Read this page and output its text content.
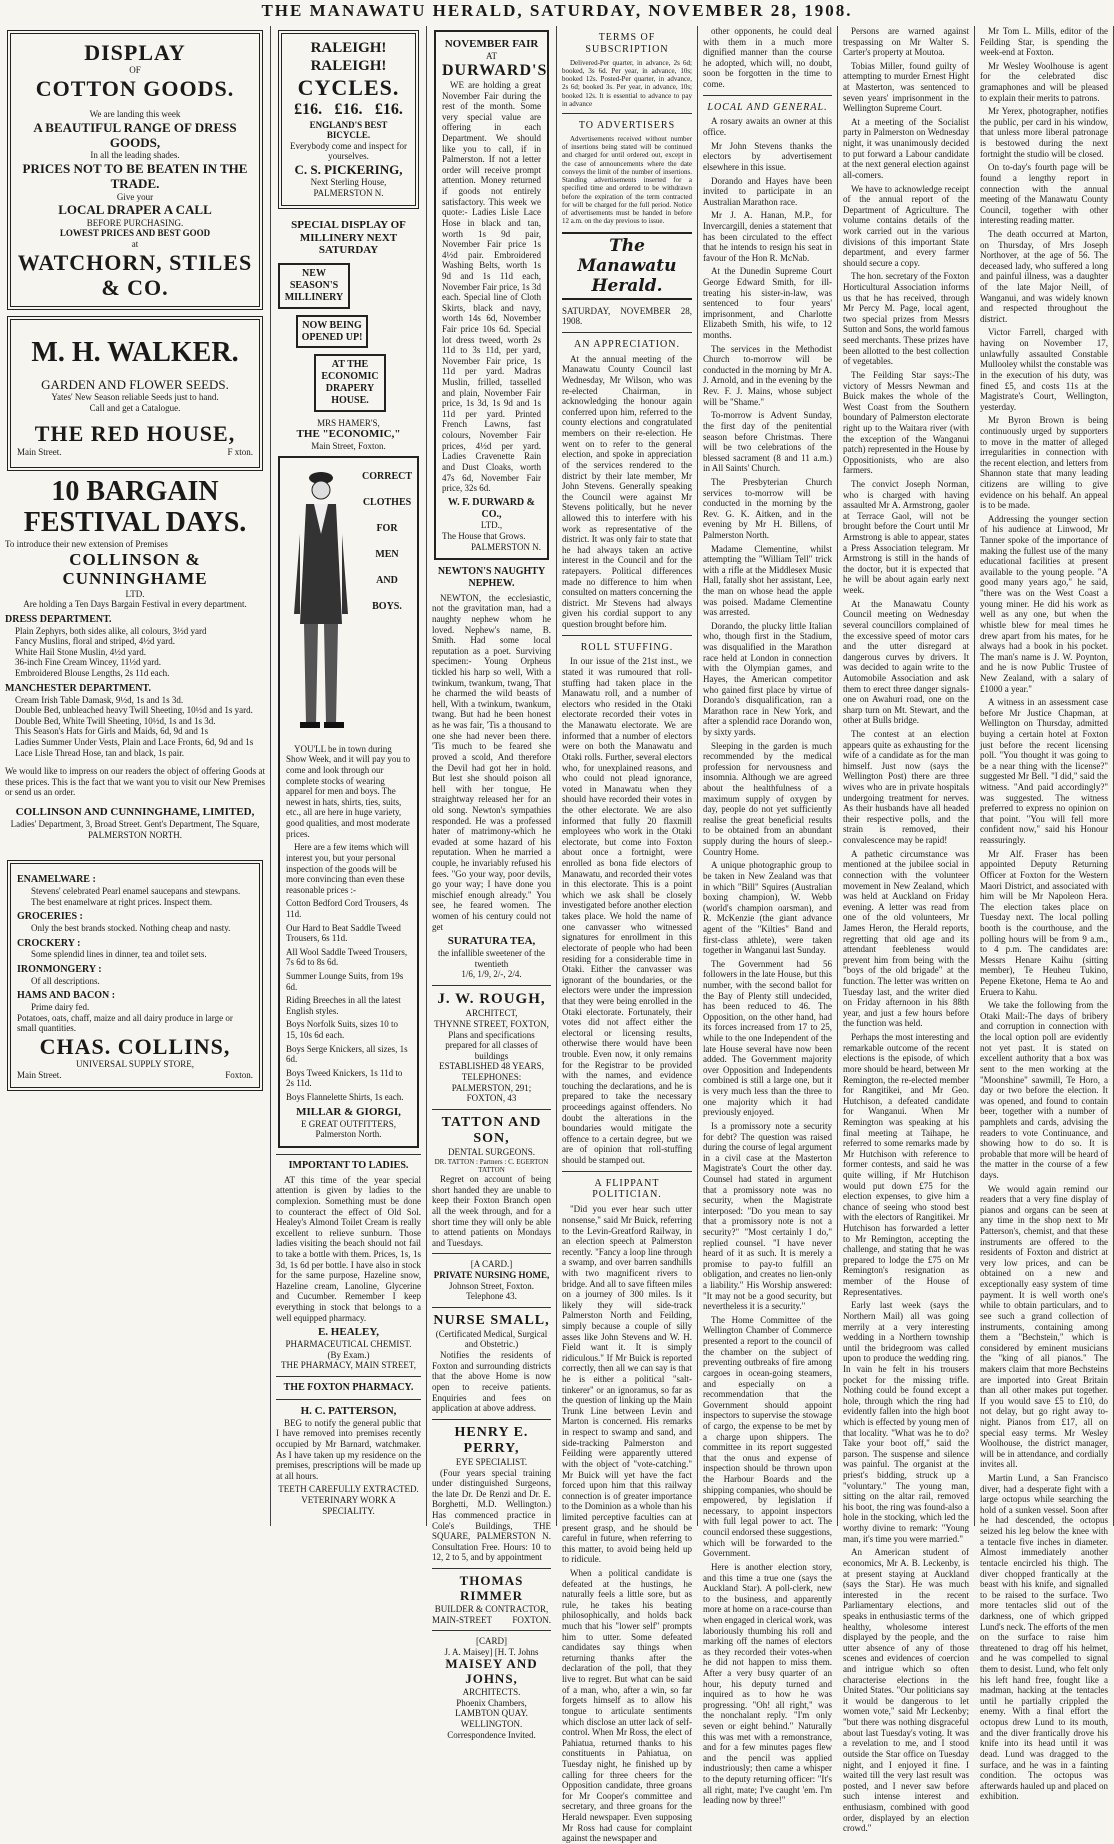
THE MANAWATU HERALD, SATURDAY, NOVEMBER 28, 1908.
DISPLAY
OF
COTTON GOODS.
We are landing this week
A BEAUTIFUL RANGE OF DRESS GOODS,
In all the leading shades.
PRICES NOT TO BE BEATEN IN THE TRADE.
Give your
LOCAL DRAPER A CALL
BEFORE PURCHASING.
LOWEST PRICES AND BEST GOOD
at
WATCHORN, STILES & CO.
M. H. WALKER.
GARDEN AND FLOWER SEEDS.
Yates' New Season reliable Seeds just to hand.
Call and get a Catalogue.
THE RED HOUSE,
Main Street.	F xton.
10 BARGAIN FESTIVAL DAYS.
To introduce their new extension of Premises
COLLINSON & CUNNINGHAME
LTD.
Are holding a Ten Days Bargain Festival in every department.
DRESS DEPARTMENT.
Plain Zephyrs, both sides alike, all colours, 3½d yard
Fancy Muslins, floral and striped, 4½d yard.
White Hail Stone Muslin, 4½d yard.
36-inch Fine Cream Wincey, 11½d yard.
Embroidered Blouse Lengths, 2s 11d each.
MANCHESTER DEPARTMENT.
Cream Irish Table Damask, 9½d, 1s and 1s 3d.
Double Bed, unbleached heavy Twill Sheeting, 10½d and 1s yard.
Double Bed, White Twill Sheeting, 10½d, 1s and 1s 3d.
This Season's Hats for Girls and Maids, 6d, 9d and 1s
Ladies Summer Under Vests, Plain and Lace Fronts, 6d, 9d and 1s
Lace Lisle Thread Hose, tan and black, 1s pair.
We would like to impress on our readers the object of offering Goods at these prices. This is the fact that we want you to visit our New Premises or send us an order.
COLLINSON AND CUNNINGHAME, LIMITED,
Ladies' Department, 3, Broad Street. Gent's Department, The Square,
PALMERSTON NORTH.
ENAMELWARE :
Stevens' celebrated Pearl enamel saucepans and stewpans. The best enamelware at right prices. Inspect them.
GROCERIES :
Only the best brands stocked. Nothing cheap and nasty.
CROCKERY :
Some splendid lines in dinner, tea and toilet sets.
IRONMONGERY :
Of all descriptions.
HAMS AND BACON :
Prime dairy fed.
Potatoes, oats, chaff, maize and all dairy produce in large or small quantities.
CHAS. COLLINS,
UNIVERSAL SUPPLY STORE,
Main Street.	Foxton.
RALEIGH! RALEIGH!
CYCLES.
£16. £16. £16.
ENGLAND'S BEST BICYCLE.
Everybody come and inspect for yourselves.
C. S. PICKERING,
Next Sterling House,
PALMERSTON N.
SPECIAL DISPLAY OF MILLINERY NEXT SATURDAY
NEW SEASON'S MILLINERY
NOW BEING OPENED UP!
AT THE ECONOMIC DRAPERY HOUSE.
MRS HAMER'S,
THE "ECONOMIC,"
Main Street, Foxton.
CORRECT
CLOTHES
FOR
MEN
AND
BOYS.

YOU'LL be in town during Show Week, and it will pay you to come and look through our complete stocks of wearing apparel for men and boys. The newest in hats, shirts, ties, suits, etc., all are here in huge variety, good qualities, and most moderate prices.

Here are a few items which will interest you, but your personal inspection of the goods will be more convincing than even these reasonable prices :-

Cotton Bedford Cord Trousers, 4s 11d.

Our Hard to Beat Saddle Tweed Trousers, 6s 11d.

All Wool Saddle Tweed Trousers, 7s 6d to 8s 6d.

Summer Lounge Suits, from 19s 6d.

Riding Breeches in all the latest English styles.

Boys Norfolk Suits, sizes 10 to 15, 10s 6d each.

Boys Serge Knickers, all sizes, 1s 6d.

Boys Tweed Knickers, 1s 11d to 2s 11d.

Boys Flannelette Shirts, 1s each.

MILLAR & GIORGI,
E GREAT OUTFITTERS,
Palmerston North.
IMPORTANT TO LADIES.

AT this time of the year special attention is given by ladies to the complexion. Something must be done to counteract the effect of Old Sol. Healey's Almond Toilet Cream is really excellent to relieve sunburn. Those ladies visiting the beach should not fail to take a bottle with them. Prices, 1s, 1s 3d, 1s 6d per bottle. I have also in stock for the same purpose, Hazeline snow, Hazeline cream, Lanoline, Glycerine and Cucumber. Remember I keep everything in stock that belongs to a well equipped pharmacy.

E. HEALEY,
PHARMACEUTICAL CHEMIST.
(By Exam.)
THE PHARMACY, MAIN STREET,
THE FOXTON PHARMACY.
H. C. PATTERSON,

BEG to notify the general public that I have removed into premises recently occupied by Mr Barnard, watchmaker. As I have taken up my residence on the premises, prescriptions will be made up at all hours.

TEETH CAREFULLY EXTRACTED.
VETERINARY WORK A SPECIALITY.
NOVEMBER FAIR
AT
DURWARD'S

WE are holding a great November Fair during the rest of the month. Some very special value are offering in each Department. We should like you to call, if in Palmerston. If not a letter order will receive prompt attention. Money returned if goods not entirely satisfactory. This week we quote:- Ladies Lisle Lace Hose in black and tan, worth 1s 9d pair, November Fair price 1s 4½d pair. Embroidered Washing Belts, worth 1s 9d and 1s 11d each, November Fair price, 1s 3d each. Special line of Cloth Skirts, black and navy, worth 14s 6d, November Fair price 10s 6d. Special lot dress tweed, worth 2s 11d to 3s 11d, per yard, November Fair price, 1s 11d per yard. Madras Muslin, frilled, tasselled and plain, November Fair price, 1s 3d, 1s 9d and 1s 11d per yard. Printed French Lawns, fast colours, November Fair prices, 4½d per yard. Ladies Cravenette Rain and Dust Cloaks, worth 47s 6d, November Fair price, 32s 6d.

W. F. DURWARD & CO.,
LTD.,
The House that Grows.
PALMERSTON N.
NEWTON'S NAUGHTY NEPHEW.

NEWTON, the ecclesiastic, not the gravitation man, had a naughty nephew whom he loved. Nephew's name, B. Smith. Had some local reputation as a poet. Surviving specimen:- Young Orpheus tickled his harp so well, With a twinkum, twankum, twang, That he charmed the wild beasts of hell, With a twinkum, twankum, twang. But had he been honest as he was fair, 'Tis a thousand to one she had never been there. 'Tis much to be feared she proved a scold, And therefore the Devil had got her in hold. But lest she should poison all hell with her tongue, He straightway released her for an old song. Newton's sympathies responded. He was a professed hater of matrimony-which he evaded at some hazard of his reputation. When he married a couple, he invariably refused his fees. "Go your way, poor devils, go your way; I have done you mischief enough already." You see, he feared women. The women of his century could not get

SURATURA TEA,
the infallible sweetener of the twentieth
1/6, 1/9, 2/-, 2/4.
J. W. ROUGH,
ARCHITECT,
THYNNE STREET, FOXTON,
Plans and specifications prepared for all classes of buildings
ESTABLISHED 48 YEARS,
TELEPHONES:
PALMERSTON, 291; FOXTON, 43
TATTON AND SON,
DENTAL SURGEONS.
DR. TATTON : Partners : C. EGERTON TATTON

Regret on account of being short handed they are unable to keep their Foxton Branch open all the week through, and for a short time they will only be able to attend patients on Mondays and Tuesdays.

[A CARD.]
PRIVATE NURSING HOME,
Johnson Street, Foxton.
Telephone 43.
NURSE SMALL,
(Certificated Medical, Surgical and Obstetric.)

Notifies the residents of Foxton and surrounding districts that the above Home is now open to receive patients. Enquiries and fees on application at above address.

HENRY E. PERRY,
EYE SPECIALIST.

(Four years special training under distinguished Surgeons, the late Dr. De Renzi and Dr. E. Borghetti, M.D. Wellington.) Has commenced practice in Cole's Buildings, THE SQUARE, PALMERSTON N. Consultation Free. Hours: 10 to 12, 2 to 5, and by appointment

THOMAS RIMMER
BUILDER & CONTRACTOR,
MAIN-STREET FOXTON.
[CARD]
J. A. Maisey] [H. T. Johns
MAISEY AND JOHNS,
ARCHITECTS.
Phoenix Chambers,
LAMBTON QUAY. WELLINGTON.
Correspondence Invited.
TERMS OF SUBSCRIPTION

Delivered-Per quarter, in advance, 2s 6d; booked, 3s 6d. Per year, in advance, 10s; booked 12s. Posted-Per quarter, in advance, 2s 6d; booked 3s. Per year, in advance, 10s; booked 12s. It is essential to advance to pay in advance

TO ADVERTISERS

Advertisements received without number of insertions being stated will be continued and charged for until ordered out, except in the case of announcements where the date conveys the limit of the number of insertions. Standing advertisements inserted for a specified time and ordered to be withdrawn before the expiration of the term contracted for will be charged for the full period. Notice of advertisements must be handed in before 12 a.m. on the day previous to issue.

The Manawatu Herald.
SATURDAY, NOVEMBER 28, 1908.
AN APPRECIATION.

At the annual meeting of the Manawatu County Council last Wednesday, Mr Wilson, who was re-elected Chairman, in acknowledging the honour again conferred upon him, referred to the county elections and congratulated members on their re-election. He went on to refer to the general election, and spoke in appreciation of the services rendered to the district by their late member, Mr John Stevens. Generally speaking the Council were against Mr Stevens politically, but he never allowed this to interfere with his work as representative of the district. It was only fair to state that he had always taken an active interest in the Council and for the ratepayers. Political differences made no difference to him when consulted on matters concerning the district. Mr Stevens had always given his cordial support to any question brought before him.

ROLL STUFFING.

In our issue of the 21st inst., we stated it was rumoured that roll-stuffing had taken place in the Manawatu roll, and a number of electors who resided in the Otaki electorate recorded their votes in the Manawatu electorate. We are informed that a number of electors were on both the Manawatu and Otaki rolls. Further, several electors who, for unexplained reasons, and who could not plead ignorance, voted in Manawatu when they should have recorded their votes in the other electorate. We are also informed that fully 20 flaxmill employees who work in the Otaki electorate, but come into Foxton about once a fortnight, were enrolled as bona fide electors of Manawatu, and recorded their votes in this electorate. This is a point which we ask shall be closely investigated before another election takes place. We hold the name of one canvasser who witnessed signatures for enrollment in this electorate of people who had been residing for a considerable time in Otaki. Either the canvasser was ignorant of the boundaries, or the electors were under the impression that they were being enrolled in the Otaki electorate. Fortunately, their votes did not affect either the electoral or licensing results, otherwise there would have been trouble. Even now, it only remains for the Registrar to be provided with the names, and evidence touching the declarations, and he is prepared to take the necessary proceedings against offenders. No doubt the alterations in the boundaries would mitigate the offence to a certain degree, but we are of opinion that roll-stuffing should be stamped out.

A FLIPPANT POLITICIAN.

"Did you ever hear such utter nonsense," said Mr Buick, referring to the Levin-Greatford Railway, in an election speech at Palmerston recently. "Fancy a loop line through a swamp, and over barren sandhills with two magnificent rivers to bridge. And all to save fifteen miles on a journey of 300 miles. Is it likely they will side-track Palmerston North and Feilding, simply because a couple of silly asses like John Stevens and W. H. Field want it. It is simply ridiculous." If Mr Buick is reported correctly, then all we can say is that he is either a political "salt-tinkerer" or an ignoramus, so far as the question of linking up the Main Trunk Line between Levin and Marton is concerned. His remarks in respect to swamp and sand, and side-tracking Palmerston and Feilding were apparently uttered with the object of "vote-catching." Mr Buick will yet have the fact forced upon him that this railway connection is of greater importance to the Dominion as a whole than his limited perceptive faculties can at present grasp, and he should be careful in future, when referring to this matter, to avoid being held up to ridicule.

When a political candidate is defeated at the hustings, he naturally feels a little sore, but as rule, he takes his beating philosophically, and holds back much that his "lower self" prompts him to utter. Some defeated candidates say things when returning thanks after the declaration of the poll, that they live to regret. But what can be said of a man, who, after a win, so far forgets himself as to allow his tongue to articulate sentiments which disclose an utter lack of self-control. When Mr Ross, the elect of Pahiatua, returned thanks to his constituents in Pahiatua, on Tuesday night, he finished up by calling for three cheers for the Opposition candidate, three groans for Mr Cooper's committee and secretary, and three groans for the Herald newspaper. Even supposing Mr Ross had cause for complaint against the newspaper and

other opponents, he could deal with them in a much more dignified manner than the course he adopted, which will, no doubt, soon be forgotten in the time to come.

LOCAL AND GENERAL.

A rosary awaits an owner at this office.

Mr John Stevens thanks the electors by advertisement elsewhere in this issue.

Dorando and Hayes have been invited to participate in an Australian Marathon race.

Mr J. A. Hanan, M.P., for Invercargill, denies a statement that has been circulated to the effect that he intends to resign his seat in favour of the Hon R. McNab.

At the Dunedin Supreme Court George Edward Smith, for ill-treating his sister-in-law, was sentenced to four years' imprisonment, and Charlotte Elizabeth Smith, his wife, to 12 months.

The services in the Methodist Church to-morrow will be conducted in the morning by Mr A. J. Arnold, and in the evening by the Rev. F. J. Mains, whose subject will be "Shame."

To-morrow is Advent Sunday, the first day of the penitential season before Christmas. There will be two celebrations of the blessed sacrament (8 and 11 a.m.) in All Saints' Church.

The Presbyterian Church services to-morrow will be conducted in the morning by the Rev. G. K. Aitken, and in the evening by Mr H. Billens, of Palmerston North.

Madame Clementine, whilst attempting the "William Tell" trick with a rifle at the Middlesex Music Hall, fatally shot her assistant, Lee, the man on whose head the apple was poised. Madame Clementine was arrested.

Dorando, the plucky little Italian who, though first in the Stadium, was disqualified in the Marathon race held at London in connection with the Olympian games, and Hayes, the American competitor who gained first place by virtue of Dorando's disqualification, ran a Marathon race in New York, and after a splendid race Dorando won, by sixty yards.

Sleeping in the garden is much recommended by the medical profession for nervousness and insomnia. Although we are agreed about the healthfulness of a maximum supply of oxygen by day, people do not yet sufficiently realise the great beneficial results to be obtained from an abundant supply during the hours of sleep.-Country Home.

A unique photographic group to be taken in New Zealand was that in which "Bill" Squires (Australian boxing champion), W. Webb (world's champion oarsman), and R. McKenzie (the giant advance agent of the "Kilties" Band and first-class athlete), were taken together in Wanganui last Sunday.

The Government had 56 followers in the late House, but this number, with the second ballot for the Bay of Plenty still undecided, has been reduced to 46. The Opposition, on the other hand, had its forces increased from 17 to 25, while to the one Independent of the late House several have now been added. The Government majority over Opposition and Independents combined is still a large one, but it is very much less than the three to one majority which it had previously enjoyed.

Is a promissory note a security for debt? The question was raised during the course of legal argument in a civil case at the Masterton Magistrate's Court the other day. Counsel had stated in argument that a promissory note was no security, when the Magistrate interposed: "Do you mean to say that a promissory note is not a security?" "Most certainly I do," replied counsel. "I have never heard of it as such. It is merely a promise to pay-to fulfill an obligation, and creates no lien-only a liability." His Worship answered: "It may not be a good security, but nevertheless it is a security."

The Home Committee of the Wellington Chamber of Commerce presented a report to the council of the chamber on the subject of preventing outbreaks of fire among cargoes in ocean-going steamers, and especially on a recommendation that the Government should appoint inspectors to supervise the stowage of cargo, the expense to be met by a charge upon shippers. The committee in its report suggested that the onus and expense of inspection should be thrown upon the Harbour Boards and the shipping companies, who should be empowered, by legislation if necessary, to appoint inspectors with full legal power to act. The council endorsed these suggestions, which will be forwarded to the Government.

Here is another election story, and this time a true one (says the Auckland Star). A poll-clerk, new to the business, and apparently more at home on a race-course than when engaged in clerical work, was laboriously thumbing his roll and marking off the names of electors as they recorded their votes-when he did not happen to miss them. After a very busy quarter of an hour, his deputy turned and inquired as to how he was progressing. "Oh! all right," was the nonchalant reply. "I'm only seven or eight behind." Naturally this was met with a remonstrance, and for a few minutes pages flew and the pencil was applied industriously; then came a whisper to the deputy returning officer: "It's all right, mate; I've caught 'em. I'm leading now by three!"

Persons are warned against trespassing on Mr Walter S. Carter's property at Moutoa.

Tobias Miller, found guilty of attempting to murder Ernest Hight at Masterton, was sentenced to seven years' imprisonment in the Wellington Supreme Court.

At a meeting of the Socialist party in Palmerston on Wednesday night, it was unanimously decided to put forward a Labour candidate at the next general election against all-comers.

We have to acknowledge receipt of the annual report of the Department of Agriculture. The volume contains details of the work carried out in the various divisions of this important State department, and every farmer should secure a copy.

The hon. secretary of the Foxton Horticultural Association informs us that he has received, through Mr Percy M. Page, local agent, two special prizes from Messrs Sutton and Sons, the world famous seed merchants. These prizes have been allotted to the best collection of vegetables.

The Feilding Star says:-The victory of Messrs Newman and Buick makes the whole of the West Coast from the Southern boundary of Palmerston electorate right up to the Waitara river (with the exception of the Wanganui patch) represented in the House by Oppositionists, who are also farmers.

The convict Joseph Norman, who is charged with having assaulted Mr A. Armstrong, gaoler at Terrace Gaol, will not be brought before the Court until Mr Armstrong is able to appear, states a Press Association telegram. Mr Armstrong is still in the hands of the doctor, but it is expected that he will be about again early next week.

At the Manawatu County Council meeting on Wednesday several councillors complained of the excessive speed of motor cars and the utter disregard at dangerous curves by drivers. It was decided to again write to the Automobile Association and ask them to erect three danger signals-one on Awahuri road, one on the sharp turn on Mt. Stewart, and the other at Bulls bridge.

The contest at an election appears quite as exhausting for the wife of a candidate as for the man himself. Just now (says the Wellington Post) there are three wives who are in private hospitals undergoing treatment for nerves. As their husbands have all headed their respective polls, and the strain is removed, their convalescence may be rapid!

A pathetic circumstance was mentioned at the jubilee social in connection with the volunteer movement in New Zealand, which was held at Auckland on Friday evening. A letter was read from one of the old volunteers, Mr James Heron, the Herald reports, regretting that old age and its attendant feebleness would prevent him from being with the "boys of the old brigade" at the function. The letter was written on Tuesday last, and the writer died on Friday afternoon in his 88th year, and just a few hours before the function was held.

Perhaps the most interesting and remarkable outcome of the recent elections is the episode, of which more should be heard, between Mr Remington, the re-elected member for Rangitikei, and Mr Geo. Hutchison, a defeated candidate for Wanganui. When Mr Remington was speaking at his final meeting at Taihape, he referred to some remarks made by Mr Hutchison with reference to former contests, and said he was quite willing, if Mr Hutchison would put down £75 for the election expenses, to give him a chance of seeing who stood best with the electors of Rangitikei. Mr Hutchison has forwarded a letter to Mr Remington, accepting the challenge, and stating that he was prepared to lodge the £75 on Mr Remington's resignation as member of the House of Representatives.

Early last week (says the Northern Mail) all was going merrily at a very interesting wedding in a Northern township until the bridegroom was called upon to produce the wedding ring. In vain he felt in his trousers pocket for the missing trifle. Nothing could be found except a hole, through which the ring had evidently fallen into the high boot which is effected by young men of that locality. "What was he to do? Take your boot off," said the parson. The suspense and silence was painful. The organist at the priest's bidding, struck up a "voluntary." The young man, sitting on the altar rail, removed his boot, the ring was found-also a hole in the stocking, which led the worthy divine to remark: "Young man, it's time you were married."

An American student of economics, Mr A. B. Leckenby, is at present staying at Auckland (says the Star). He was much interested in the recent Parliamentary elections, and speaks in enthusiastic terms of the healthy, wholesome interest displayed by the people, and the utter absence of any of those scenes and evidences of coercion and intrigue which so often characterise elections in the United States. "Our politicians say it would be dangerous to let women vote," said Mr Leckenby; "but there was nothing disgraceful about last Tuesday's voting. It was a revelation to me, and I stood outside the Star office on Tuesday night, and I enjoyed it fine. I waited till the very last result was posted, and I never saw before such intense interest and enthusiasm, combined with good order, displayed by an election crowd."

Mr Tom L. Mills, editor of the Feilding Star, is spending the week-end at Foxton.

Mr Wesley Woolhouse is agent for the celebrated disc gramaphones and will be pleased to explain their merits to patrons.

Mr Yerex, photographer, notifies the public, per card in his window, that unless more liberal patronage is bestowed during the next fortnight the studio will be closed.

On to-day's fourth page will be found a lengthy report in connection with the annual meeting of the Manawatu County Council, together with other interesting reading matter.

The death occurred at Marton, on Thursday, of Mrs Joseph Northover, at the age of 56. The deceased lady, who suffered a long and painful illness, was a daughter of the late Major Neill, of Wanganui, and was widely known and respected throughout the district.

Victor Farrell, charged with having on November 17, unlawfully assaulted Constable Mullooley whilst the constable was in the execution of his duty, was fined £5, and costs 11s at the Magistrate's Court, Wellington, yesterday.

Mr Byron Brown is being continuously urged by supporters to move in the matter of alleged irregularities in connection with the recent election, and letters from Shannon state that many leading citizens are willing to give evidence on his behalf. An appeal is to be made.

Addressing the younger section of his audience at Linwood, Mr Tanner spoke of the importance of making the fullest use of the many educational facilities at present available to the young people. "A good many years ago," he said, "there was on the West Coast a young miner. He did his work as well as any one, but when the whistle blew for meal times he drew apart from his mates, for he always had a book in his pocket. The man's name is J. W. Poynton, and he is now Public Trustee of New Zealand, with a salary of £1000 a year."

A witness in an assessment case before Mr Justice Chapman, at Wellington on Thursday, admitted buying a certain hotel at Foxton just before the recent licensing poll. "You thought it was going to be a near thing with the license?" suggested Mr Bell. "I did," said the witness. "And paid accordingly?" was suggested. The witness preferred to express no opinion on that point. "You will fell more confident now," said his Honour reassuringly.

Mr Alf. Fraser has been appointed Deputy Returning Officer at Foxton for the Western Maori District, and associated with him will be Mr Napoleon Hera. The election takes place on Tuesday next. The local polling booth is the courthouse, and the polling hours will be from 9 a.m., to 4 p.m. The candidates are: Messrs Henare Kaihu (sitting member), Te Heuheu Tukino, Pepene Eketone, Hema te Ao and Eruera to Kahu.

We take the following from the Otaki Mail:-The days of bribery and corruption in connection with the local option poll are evidently not yet past. It is stated on excellent authority that a box was sent to the men working at the "Moonshine" sawmill, Te Horo, a day or two before the election. It was opened, and found to contain beer, together with a number of pamphlets and cards, advising the readers to vote Continuance, and showing how to do so. It is probable that more will be heard of the matter in the course of a few days.

We would again remind our readers that a very fine display of pianos and organs can be seen at any time in the shop next to Mr Patterson's, chemist, and that these instruments are offered to the residents of Foxton and district at very low prices, and can be obtained on a new and exceptionally easy system of time payment. It is well worth one's while to obtain particulars, and to see such a grand collection of instruments, containing among them a "Bechstein," which is considered by eminent musicians the "king of all pianos." The makers claim that more Bechsteins are imported into Great Britain than all other makes put together. If you would save £5 to £10, do not delay, but go right away to-night. Pianos from £17, all on special easy terms. Mr Wesley Woolhouse, the district manager, will be in attendance, and cordially invites all.

Martin Lund, a San Francisco diver, had a desperate fight with a large octopus while searching the hold of a sunken vessel. Soon after he had descended, the octopus seized his leg below the knee with a tentacle five inches in diameter. Almost immediately another tentacle encircled his thigh. The diver chopped frantically at the beast with his knife, and signalled to be raised to the surface. Two more tentacles slid out of the darkness, one of which gripped Lund's neck. The efforts of the men on the surface to raise him threatened to drag off his helmet, and he was compelled to signal them to desist. Lund, who felt only his left hand free, fought like a madman, hacking at the tentacles until he partially crippled the enemy. With a final effort the octopus drew Lund to its mouth, and the diver frantically drove his knife into its head until it was dead. Lund was dragged to the surface, and he was in a fainting condition. The octopus was afterwards hauled up and placed on exhibition.
